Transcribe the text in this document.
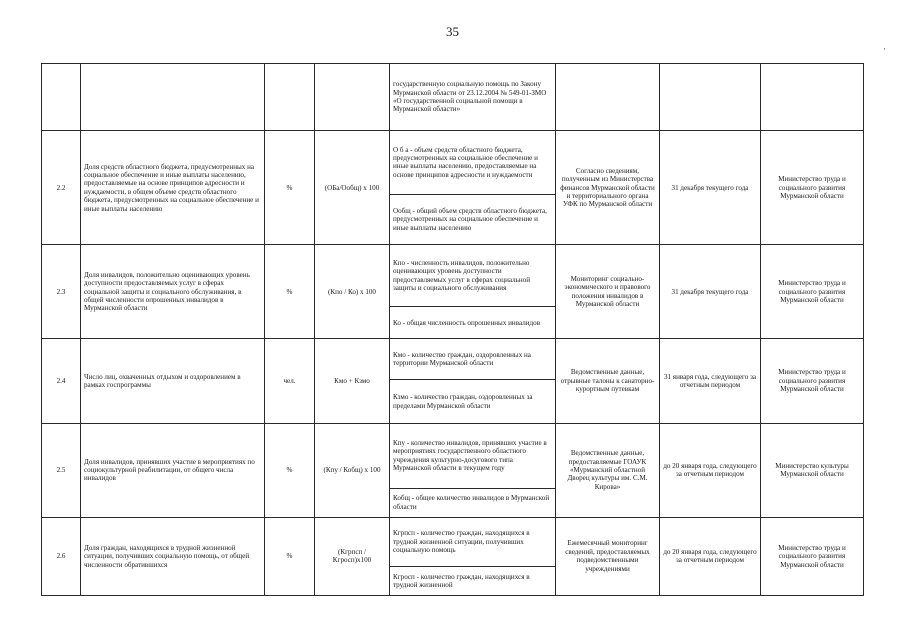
35
·
				государственную социальную помощь по Закону Мурманской области от 23.12.2004 № 549-01-ЗМО «О государственной социальной помощи в Мурманской области»			
2.2	Доля средств областного бюджета, предусмотренных на социальное обеспечение и иные выплаты населению, предоставляемые на основе принципов адресности и нуждаемости, в общем объеме средств областного бюджета, предусмотренных на социальное обеспечение и иные выплаты населению	%	(ОБа/Ообщ) х 100	О б а - объем средств областного бюджета, предусмотренных на социальное обеспечение и иные выплаты населению, предоставляемые на основе принципов адресности и нуждаемости	Согласно сведениям, полученным из Министерства финансов Мурманской области и территориального органа УФК по Мурманской области	31 декабря текущего года	Министерство труда и социального развития Мурманской области
				Ообщ - общий объем средств областного бюджета, предусмотренных на социальное обеспечение и иные выплаты населению			
2.3	Доля инвалидов, положительно оценивающих уровень доступности предоставляемых услуг в сферах социальной защиты и социального обслуживания, в общей численности опрошенных инвалидов в Мурманской области	%	(Кпо / Ко) х 100	Кпо - численность инвалидов, положительно оценивающих уровень доступности предоставляемых услуг в сферах социальной защиты и социального обслуживания	Мониторинг социально-экономического и правового положения инвалидов в Мурманской области	31 декабря текущего года	Министерство труда и социального развития Мурманской области
				Ко - общая численность опрошенных инвалидов			
2.4	Число лиц, охваченных отдыхом и оздоровлением в рамках госпрограммы	чел.	Кмо + Кзмо	Кмо - количество граждан, оздоровленных на территории Мурманской области	Ведомственные данные, отрывные талоны к санаторно-курортным путевкам	31 января года, следующего за отчетным периодом	Министерство труда и социального развития Мурманской области
				Кзмо - количество граждан, оздоровленных за пределами Мурманской области			
2.5	Доля инвалидов, принявших участие в мероприятиях по социокультурной реабилитации, от общего числа инвалидов	%	(Кпу / Кобщ) х 100	Кпу - количество инвалидов, принявших участие в мероприятиях государственного областного учреждения культурно-досугового типа Мурманской области в текущем году	Ведомственные данные, предоставляемые ГОАУК «Мурманский областной Дворец культуры им. С.М. Кирова»	до 20 января года, следующего за отчетным периодом	Министерство культуры Мурманской области
				Кобщ - общее количество инвалидов в Мурманской области			
2.6	Доля граждан, находящихся в трудной жизненной ситуации, получивших социальную помощь, от общей численности обратившихся	%	(Кгрпсп / Кгросп)х100	Кгрпсп - количество граждан, находящихся в трудной жизненной ситуации, получивших социальную помощь	Ежемесячный мониторинг сведений, предоставляемых подведомственными учреждениями	до 20 января года, следующего за отчетным периодом	Министерство труда и социального развития Мурманской области
				Кгросп - количество граждан, находящихся в трудной жизненной			
